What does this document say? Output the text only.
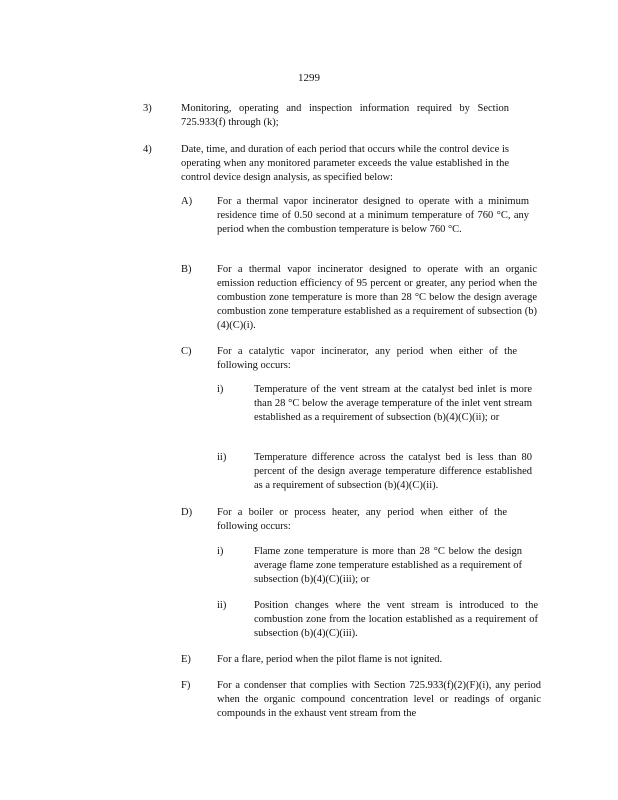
1299
3)	Monitoring, operating and inspection information required by Section 725.933(f) through (k);
4)	Date, time, and duration of each period that occurs while the control device is operating when any monitored parameter exceeds the value established in the control device design analysis, as specified below:
A) For a thermal vapor incinerator designed to operate with a minimum residence time of 0.50 second at a minimum temperature of 760 °C, any period when the combustion temperature is below 760 °C.
B) For a thermal vapor incinerator designed to operate with an organic emission reduction efficiency of 95 percent or greater, any period when the combustion zone temperature is more than 28 °C below the design average combustion zone temperature established as a requirement of subsection (b)(4)(C)(i).
C) For a catalytic vapor incinerator, any period when either of the following occurs:
i)	Temperature of the vent stream at the catalyst bed inlet is more than 28 °C below the average temperature of the inlet vent stream established as a requirement of subsection (b)(4)(C)(ii); or
ii)	Temperature difference across the catalyst bed is less than 80 percent of the design average temperature difference established as a requirement of subsection (b)(4)(C)(ii).
D) For a boiler or process heater, any period when either of the following occurs:
i)	Flame zone temperature is more than 28 °C below the design average flame zone temperature established as a requirement of subsection (b)(4)(C)(iii); or
ii)	Position changes where the vent stream is introduced to the combustion zone from the location established as a requirement of subsection (b)(4)(C)(iii).
E) For a flare, period when the pilot flame is not ignited.
F)	For a condenser that complies with Section 725.933(f)(2)(F)(i), any period when the organic compound concentration level or readings of organic compounds in the exhaust vent stream from the
